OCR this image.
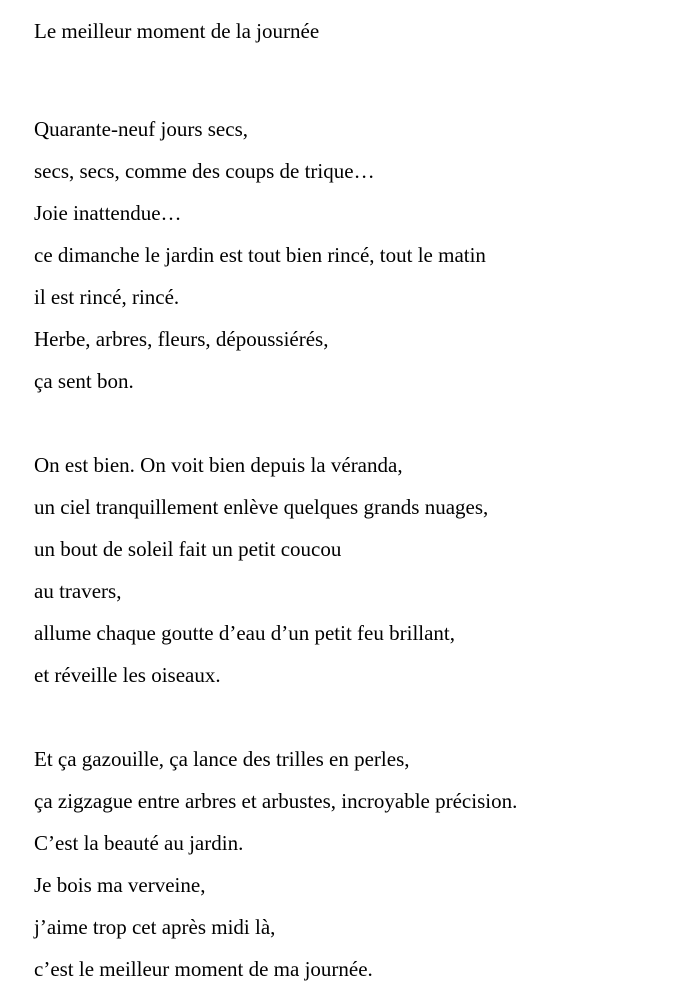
Le meilleur moment de la journée
Quarante-neuf jours secs,
secs, secs, comme des coups de trique…
Joie inattendue…
ce dimanche le jardin est tout bien rincé, tout le matin
il est rincé, rincé.
Herbe, arbres, fleurs, dépoussiérés,
ça sent bon.
On est bien. On voit bien depuis la véranda,
un ciel tranquillement enlève quelques grands nuages,
un bout de soleil fait un petit coucou
au travers,
allume chaque goutte d’eau d’un petit feu brillant,
et réveille les oiseaux.
Et ça gazouille, ça lance des trilles en perles,
ça zigzague entre arbres et arbustes, incroyable précision.
C’est la beauté au jardin.
Je bois ma verveine,
j’aime trop cet après midi là,
c’est le meilleur moment de ma journée.
